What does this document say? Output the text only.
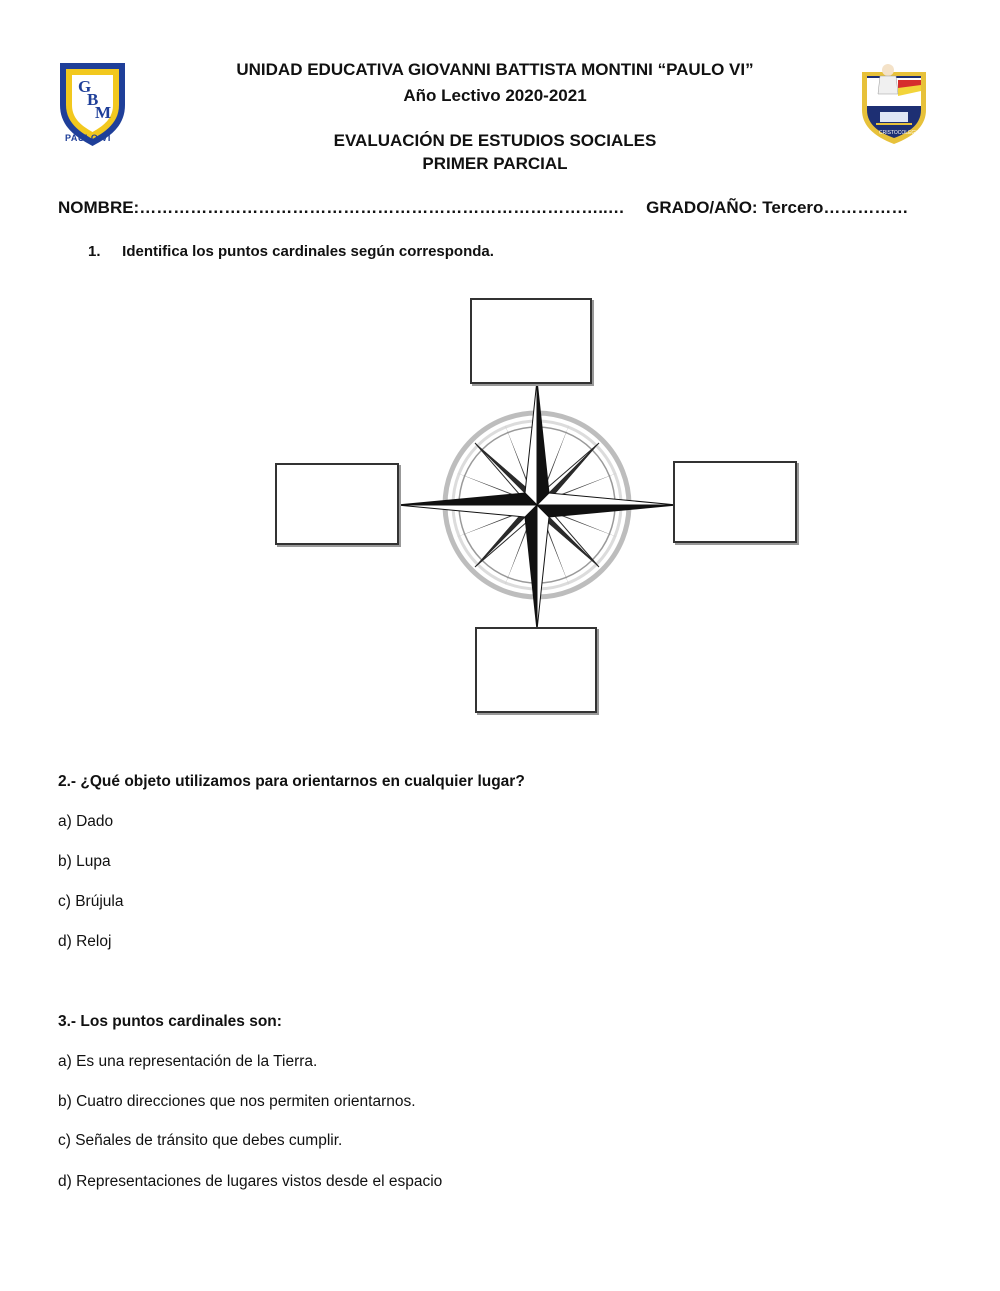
G
B
M
PAULO VI	CRISTOCOLEGIO
UNIDAD EDUCATIVA GIOVANNI BATTISTA MONTINI “PAULO VI”
Año Lectivo 2020-2021
EVALUACIÓN DE ESTUDIOS SOCIALES
PRIMER PARCIAL
NOMBRE:………………………………………………………………………..… GRADO/AÑO: Tercero……………
1. Identifica los puntos cardinales según corresponda.
2.- ¿Qué objeto utilizamos para orientarnos en cualquier lugar?
a) Dado
b) Lupa
c) Brújula
d) Reloj
3.- Los puntos cardinales son:
a) Es una representación de la Tierra.
b) Cuatro direcciones que nos permiten orientarnos.
c) Señales de tránsito que debes cumplir.
d) Representaciones de lugares vistos desde el espacio
